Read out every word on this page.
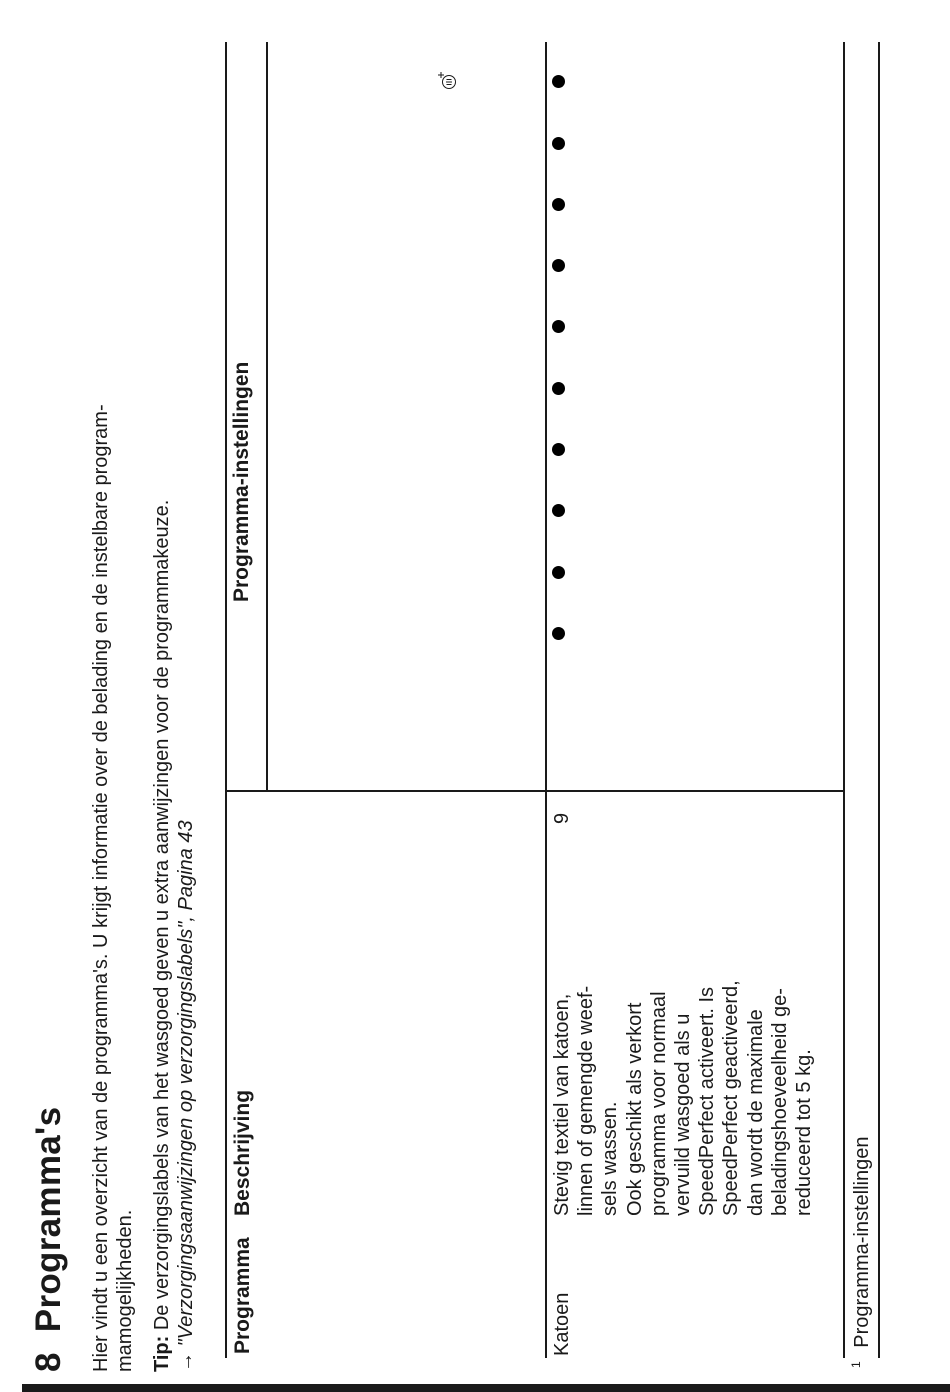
8 Programma's Hier vindt u een overzicht van de programma's. U krijgt informatie over de belading en de instelbare program- mamogelijkheden. Tip: De verzorgingslabels van het wasgoed geven u extra aanwijzingen voor de programmakeuze.
→ "Verzorgingsaanwijzingen op verzorgingslabels", Pagina 43
Programma
Beschrijving
Programma-instellingen
Katoen
Stevig textiel van katoen, linnen of gemengde weef- sels wassen. Ook geschikt als verkort programma voor normaal vervuild wasgoed als u SpeedPerfect activeert. Is SpeedPerfect geactiveerd, dan wordt de maximale beladingshoeveelheid ge- reduceerd tot 5 kg.
9
$^1$ Programma-instellingen
